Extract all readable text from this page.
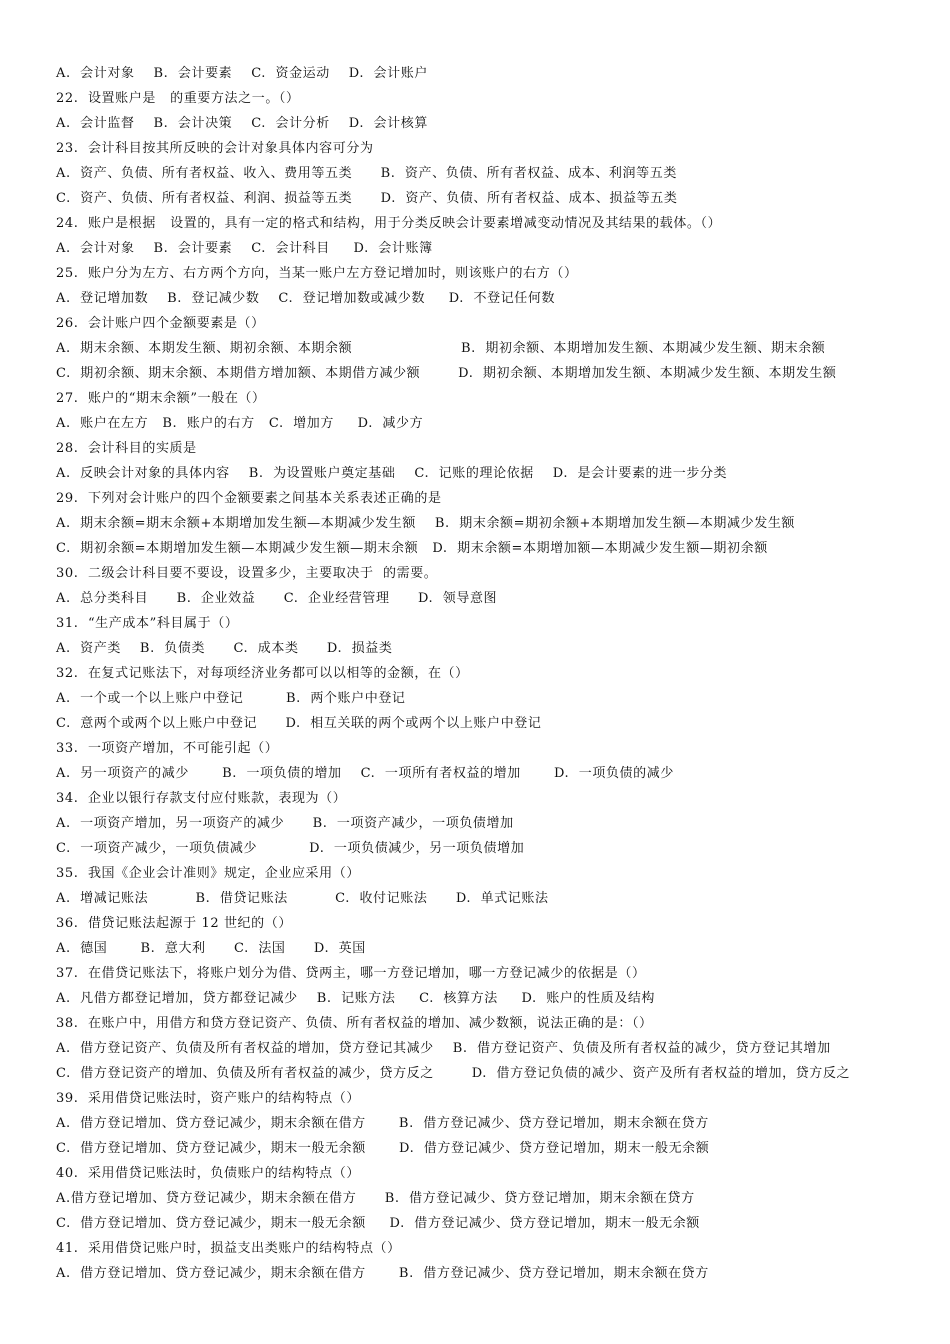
A.  会计对象    B.  会计要素    C.  资金运动    D.  会计账户
22.  设置账户是   的重要方法之一。（）
A.  会计监督    B.  会计决策    C.  会计分析    D.  会计核算
23.  会计科目按其所反映的会计对象具体内容可分为
A.  资产、负债、所有者权益、收入、费用等五类      B.  资产、负债、所有者权益、成本、利润等五类
C.  资产、负债、所有者权益、利润、损益等五类      D.  资产、负债、所有者权益、成本、损益等五类
24.  账户是根据   设置的，具有一定的格式和结构，用于分类反映会计要素增减变动情况及其结果的载体。（）
A.  会计对象    B.  会计要素    C.  会计科目     D.  会计账簿
25.  账户分为左方、右方两个方向，当某一账户左方登记增加时，则该账户的右方（）
A.  登记增加数    B.  登记减少数    C.  登记增加数或减少数     D.  不登记任何数
26.  会计账户四个金额要素是（）
A.  期末余额、本期发生额、期初余额、本期余额                       B.  期初余额、本期增加发生额、本期减少发生额、期末余额
C.  期初余额、期末余额、本期借方增加额、本期借方减少额        D.  期初余额、本期增加发生额、本期减少发生额、本期发生额
27.  账户的“期末余额”一般在（）
A.  账户在左方   B.  账户的右方   C.  增加方     D.  减少方
28.  会计科目的实质是
A.  反映会计对象的具体内容    B.  为设置账户奠定基础    C.  记账的理论依据    D.  是会计要素的进一步分类
29.  下列对会计账户的四个金额要素之间基本关系表述正确的是
A.  期末余额=期末余额+本期增加发生额—本期减少发生额    B.  期末余额=期初余额+本期增加发生额—本期减少发生额
C.  期初余额=本期增加发生额—本期减少发生额—期末余额   D.  期末余额=本期增加额—本期减少发生额—期初余额
30.  二级会计科目要不要设，设置多少，主要取决于  的需要。
A.  总分类科目      B.  企业效益      C.  企业经营管理      D.  领导意图
31.  “生产成本”科目属于（）
A.  资产类    B.  负债类      C.  成本类      D.  损益类
32.  在复式记账法下，对每项经济业务都可以以相等的金额，在（）
A.  一个或一个以上账户中登记         B.  两个账户中登记
C.  意两个或两个以上账户中登记      D.  相互关联的两个或两个以上账户中登记
33.  一项资产增加，不可能引起（）
A.  另一项资产的减少       B.  一项负债的增加    C.  一项所有者权益的增加       D.  一项负债的减少
34.  企业以银行存款支付应付账款，表现为（）
A.  一项资产增加，另一项资产的减少      B.  一项资产减少，一项负债增加
C.  一项资产减少，一项负债减少           D.  一项负债减少，另一项负债增加
35.  我国《企业会计准则》规定，企业应采用（）
A.  增减记账法          B.  借贷记账法          C.  收付记账法      D.  单式记账法
36.  借贷记账法起源于 12 世纪的（）
A.  德国       B.  意大利      C.  法国      D.  英国
37.  在借贷记账法下，将账户划分为借、贷两主，哪一方登记增加，哪一方登记减少的依据是（）
A.  凡借方都登记增加，贷方都登记减少    B.  记账方法     C.  核算方法     D.  账户的性质及结构
38.  在账户中，用借方和贷方登记资产、负债、所有者权益的增加、减少数额，说法正确的是：（）
A.  借方登记资产、负债及所有者权益的增加，贷方登记其减少    B.  借方登记资产、负债及所有者权益的减少，贷方登记其增加
C.  借方登记资产的增加、负债及所有者权益的减少，贷方反之        D.  借方登记负债的减少、资产及所有者权益的增加，贷方反之
39.  采用借贷记账法时，资产账户的结构特点（）
A.  借方登记增加、贷方登记减少，期末余额在借方       B.  借方登记减少、贷方登记增加，期末余额在贷方
C.  借方登记增加、贷方登记减少，期末一般无余额       D.  借方登记减少、贷方登记增加，期末一般无余额
40.  采用借贷记账法时，负债账户的结构特点（）
A.借方登记增加、贷方登记减少，期末余额在借方      B.  借方登记减少、贷方登记增加，期末余额在贷方
C.  借方登记增加、贷方登记减少，期末一般无余额     D.  借方登记减少、贷方登记增加，期末一般无余额
41.  采用借贷记账户时，损益支出类账户的结构特点（）
A.  借方登记增加、贷方登记减少，期末余额在借方       B.  借方登记减少、贷方登记增加，期末余额在贷方
